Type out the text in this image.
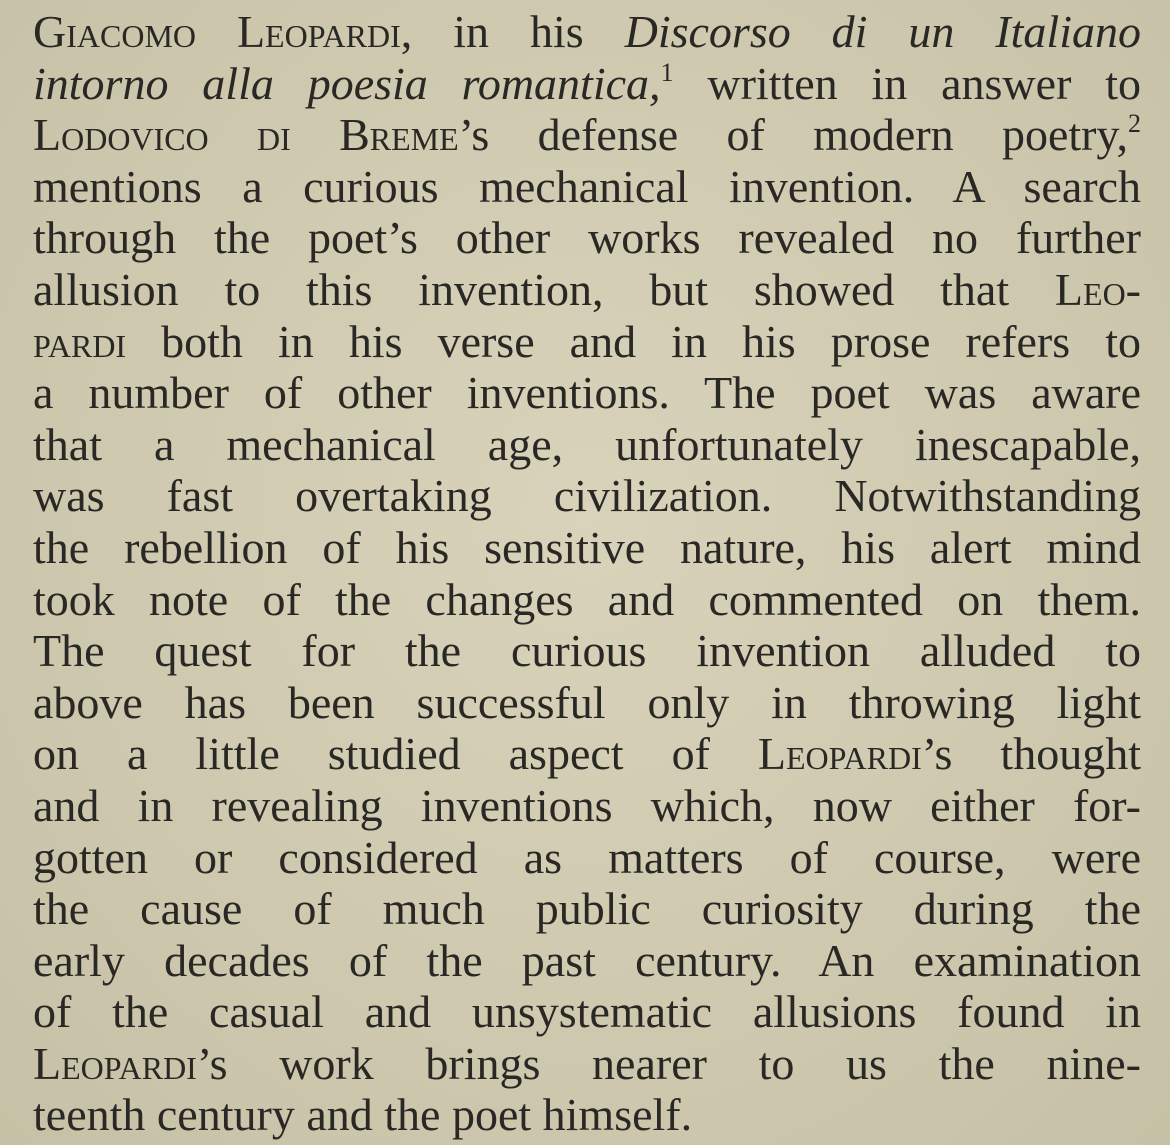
Giacomo Leopardi, in his Discorso di un Italiano
intorno alla poesia romantica,$^1$ written in answer to
Lodovico di Breme’s defense of modern poetry,$^2$
mentions a curious mechanical invention. A search
through the poet’s other works revealed no further
allusion to this invention, but showed that Leo-
pardi both in his verse and in his prose refers to
a number of other inventions. The poet was aware
that a mechanical age, unfortunately inescapable,
was fast overtaking civilization. Notwithstanding
the rebellion of his sensitive nature, his alert mind
took note of the changes and commented on them.
The quest for the curious invention alluded to
above has been successful only in throwing light
on a little studied aspect of Leopardi’s thought
and in revealing inventions which, now either for-
gotten or considered as matters of course, were
the cause of much public curiosity during the
early decades of the past century. An examination
of the casual and unsystematic allusions found in
Leopardi’s work brings nearer to us the nine-
teenth century and the poet himself.
